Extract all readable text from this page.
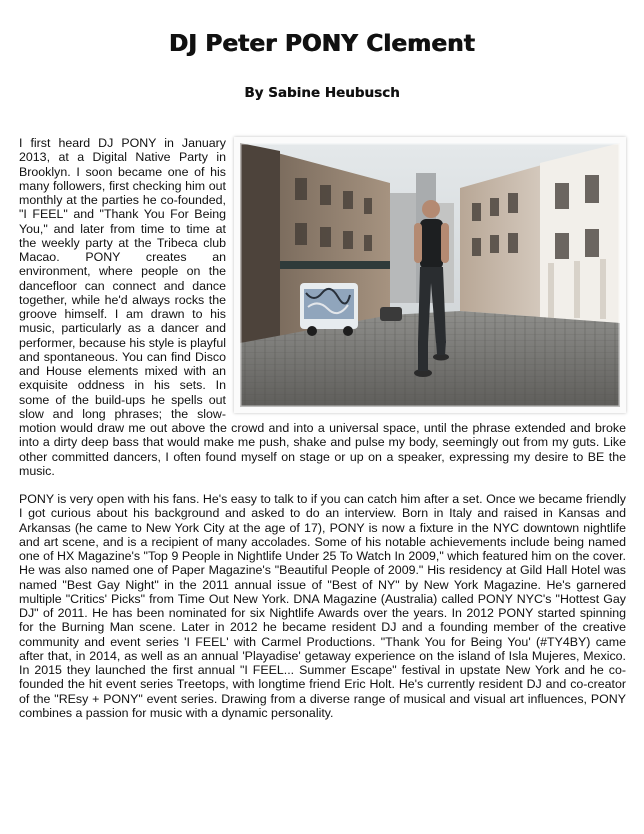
DJ Peter PONY Clement
By Sabine Heubusch

I first heard DJ PONY in January 2013, at a Digital Native Party in Brooklyn. I soon became one of his many followers, first checking him out monthly at the parties he co-founded, "I FEEL" and "Thank You For Being You," and later from time to time at the weekly party at the Tribeca club Macao. PONY creates an environment, where people on the dancefloor can connect and dance together, while he'd always rocks the groove himself. I am drawn to his music, particularly as a dancer and performer, because his style is playful and spontaneous. You can find Disco and House elements mixed with an exquisite oddness in his sets. In some of the build-ups he spells out slow and long phrases; the slow-motion would draw me out above the crowd and into a universal space, until the phrase extended and broke into a dirty deep bass that would make me push, shake and pulse my body, seemingly out from my guts. Like other committed dancers, I often found myself on stage or up on a speaker, expressing my desire to BE the music.

PONY is very open with his fans. He's easy to talk to if you can catch him after a set. Once we became friendly I got curious about his background and asked to do an interview. Born in Italy and raised in Kansas and Arkansas (he came to New York City at the age of 17), PONY is now a fixture in the NYC downtown nightlife and art scene, and is a recipient of many accolades. Some of his notable achievements include being named one of HX Magazine's "Top 9 People in Nightlife Under 25 To Watch In 2009," which featured him on the cover. He was also named one of Paper Magazine's "Beautiful People of 2009." His residency at Gild Hall Hotel was named "Best Gay Night" in the 2011 annual issue of "Best of NY" by New York Magazine. He's garnered multiple "Critics' Picks" from Time Out New York. DNA Magazine (Australia) called PONY NYC's "Hottest Gay DJ" of 2011. He has been nominated for six Nightlife Awards over the years. In 2012 PONY started spinning for the Burning Man scene. Later in 2012 he became resident DJ and a founding member of the creative community and event series 'I FEEL' with Carmel Productions. "Thank You for Being You' (#TY4BY) came after that, in 2014, as well as an annual 'Playadise' getaway experience on the island of Isla Mujeres, Mexico. In 2015 they launched the first annual "I FEEL... Summer Escape" festival in upstate New York and he co-founded the hit event series Treetops, with longtime friend Eric Holt. He's currently resident DJ and co-creator of the "REsy + PONY" event series. Drawing from a diverse range of musical and visual art influences, PONY combines a passion for music with a dynamic personality.
